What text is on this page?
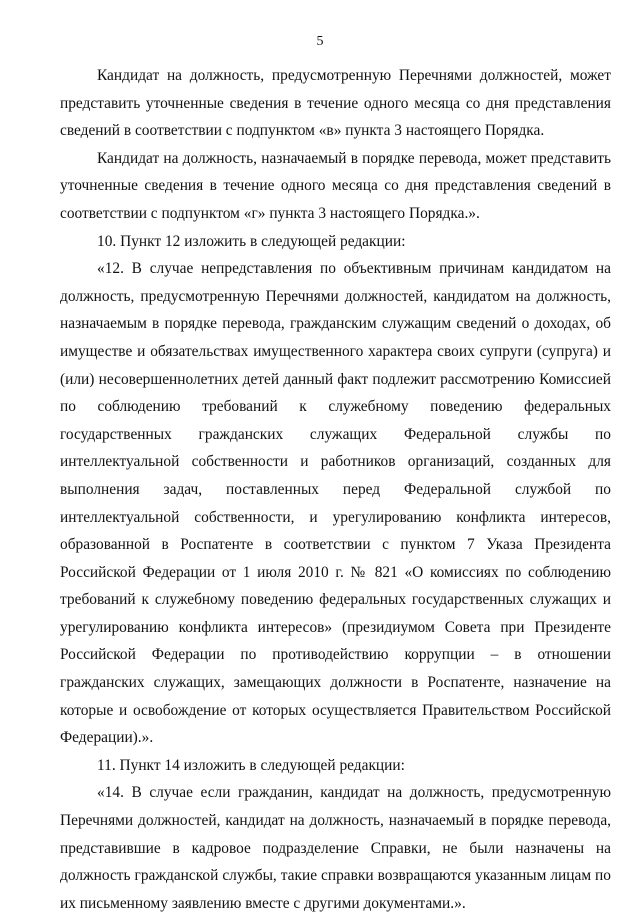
5

Кандидат на должность, предусмотренную Перечнями должностей, может представить уточненные сведения в течение одного месяца со дня представления сведений в соответствии с подпунктом «в» пункта 3 настоящего Порядка.

Кандидат на должность, назначаемый в порядке перевода, может представить уточненные сведения в течение одного месяца со дня представления сведений в соответствии с подпунктом «г» пункта 3 настоящего Порядка.».

10. Пункт 12 изложить в следующей редакции:

«12. В случае непредставления по объективным причинам кандидатом на должность, предусмотренную Перечнями должностей, кандидатом на должность, назначаемым в порядке перевода, гражданским служащим сведений о доходах, об имуществе и обязательствах имущественного характера своих супруги (супруга) и (или) несовершеннолетних детей данный факт подлежит рассмотрению Комиссией по соблюдению требований к служебному поведению федеральных государственных гражданских служащих Федеральной службы по интеллектуальной собственности и работников организаций, созданных для выполнения задач, поставленных перед Федеральной службой по интеллектуальной собственности, и урегулированию конфликта интересов, образованной в Роспатенте в соответствии с пунктом 7 Указа Президента Российской Федерации от 1 июля 2010 г. № 821 «О комиссиях по соблюдению требований к служебному поведению федеральных государственных служащих и урегулированию конфликта интересов» (президиумом Совета при Президенте Российской Федерации по противодействию коррупции – в отношении гражданских служащих, замещающих должности в Роспатенте, назначение на которые и освобождение от которых осуществляется Правительством Российской Федерации).».

11. Пункт 14 изложить в следующей редакции:

«14. В случае если гражданин, кандидат на должность, предусмотренную Перечнями должностей, кандидат на должность, назначаемый в порядке перевода, представившие в кадровое подразделение Справки, не были назначены на должность гражданской службы, такие справки возвращаются указанным лицам по их письменному заявлению вместе с другими документами.».
